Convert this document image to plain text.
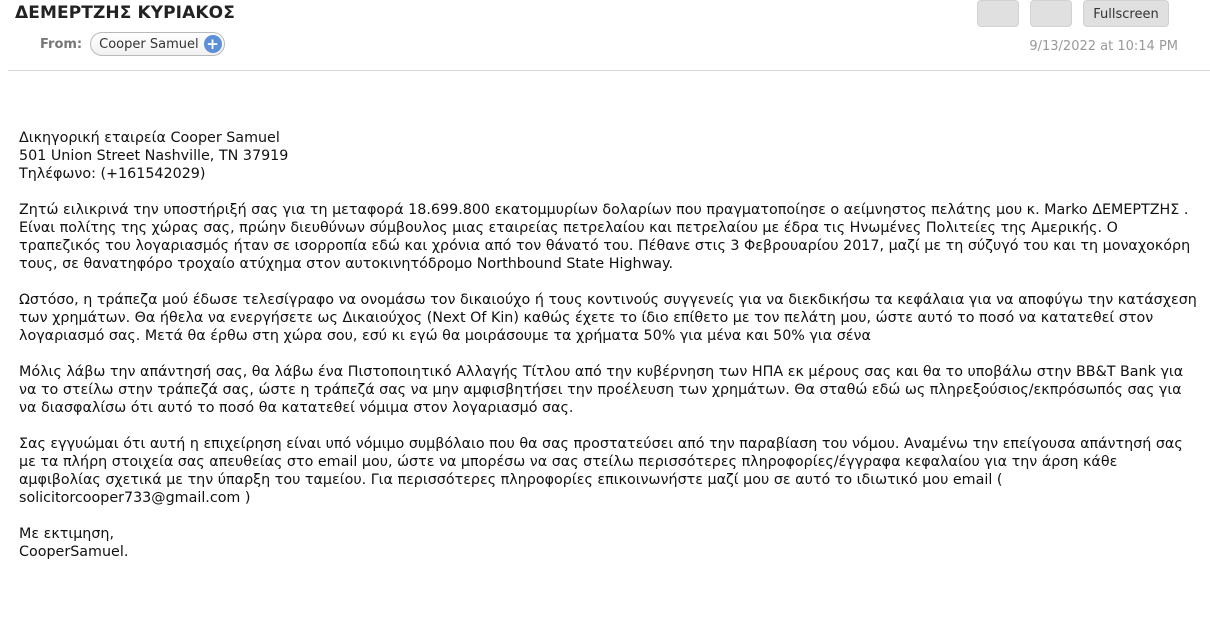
ΔΕΜΕΡΤΖΗΣ ΚΥΡΙΑΚΟΣ
From: Cooper Samuel +
Fullscreen
9/13/2022 at 10:14 PM

Δικηγορική εταιρεία Cooper Samuel
501 Union Street Nashville, TN 37919
Τηλέφωνο: (+161542029)

Ζητώ ειλικρινά την υποστήριξή σας για τη μεταφορά 18.699.800 εκατομμυρίων δολαρίων που πραγματοποίησε ο αείμνηστος πελάτης μου κ. Marko ΔΕΜΕΡΤΖΗΣ . Είναι πολίτης της χώρας σας, πρώην διευθύνων σύμβουλος μιας εταιρείας πετρελαίου και πετρελαίου με έδρα τις Ηνωμένες Πολιτείες της Αμερικής. Ο τραπεζικός του λογαριασμός ήταν σε ισορροπία εδώ και χρόνια από τον θάνατό του. Πέθανε στις 3 Φεβρουαρίου 2017, μαζί με τη σύζυγό του και τη μοναχοκόρη τους, σε θανατηφόρο τροχαίο ατύχημα στον αυτοκινητόδρομο Northbound State Highway.

Ωστόσο, η τράπεζα μού έδωσε τελεσίγραφο να ονομάσω τον δικαιούχο ή τους κοντινούς συγγενείς για να διεκδικήσω τα κεφάλαια για να αποφύγω την κατάσχεση των χρημάτων. Θα ήθελα να ενεργήσετε ως Δικαιούχος (Next Of Kin) καθώς έχετε το ίδιο επίθετο με τον πελάτη μου, ώστε αυτό το ποσό να κατατεθεί στον λογαριασμό σας. Μετά θα έρθω στη χώρα σου, εσύ κι εγώ θα μοιράσουμε τα χρήματα 50% για μένα και 50% για σένα

Μόλις λάβω την απάντησή σας, θα λάβω ένα Πιστοποιητικό Αλλαγής Τίτλου από την κυβέρνηση των ΗΠΑ εκ μέρους σας και θα το υποβάλω στην BB&T Bank για να το στείλω στην τράπεζά σας, ώστε η τράπεζά σας να μην αμφισβητήσει την προέλευση των χρημάτων. Θα σταθώ εδώ ως πληρεξούσιος/εκπρόσωπός σας για να διασφαλίσω ότι αυτό το ποσό θα κατατεθεί νόμιμα στον λογαριασμό σας.

Σας εγγυώμαι ότι αυτή η επιχείρηση είναι υπό νόμιμο συμβόλαιο που θα σας προστατεύσει από την παραβίαση του νόμου. Αναμένω την επείγουσα απάντησή σας με τα πλήρη στοιχεία σας απευθείας στο email μου, ώστε να μπορέσω να σας στείλω περισσότερες πληροφορίες/έγγραφα κεφαλαίου για την άρση κάθε αμφιβολίας σχετικά με την ύπαρξη του ταμείου. Για περισσότερες πληροφορίες επικοινωνήστε μαζί μου σε αυτό το ιδιωτικό μου email ( solicitorcooper733@gmail.com )

Με εκτιμηση,
CooperSamuel.
